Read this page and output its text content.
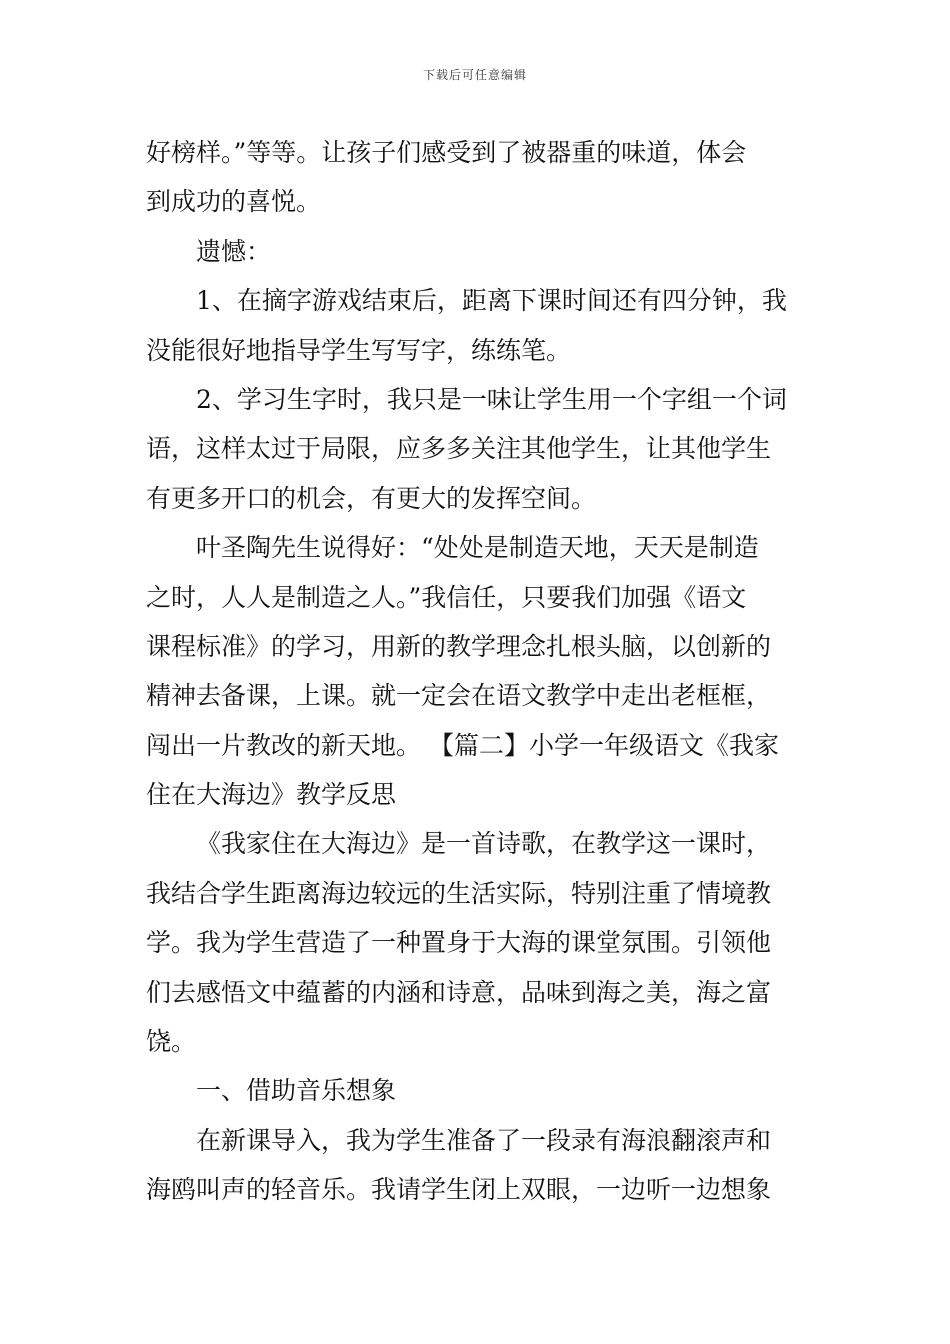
下载后可任意编辑
好榜样。”等等。让孩子们感受到了被器重的味道，体会
到成功的喜悦。
遗憾：
1、在摘字游戏结束后，距离下课时间还有四分钟，我
没能很好地指导学生写写字，练练笔。
2、学习生字时，我只是一味让学生用一个字组一个词
语，这样太过于局限，应多多关注其他学生，让其他学生
有更多开口的机会，有更大的发挥空间。
叶圣陶先生说得好：“处处是制造天地，天天是制造
之时，人人是制造之人。”我信任，只要我们加强《语文
课程标准》的学习，用新的教学理念扎根头脑，以创新的
精神去备课，上课。就一定会在语文教学中走出老框框，
闯出一片教改的新天地。 【篇二】小学一年级语文《我家
住在大海边》教学反思
《我家住在大海边》是一首诗歌，在教学这一课时，
我结合学生距离海边较远的生活实际，特别注重了情境教
学。我为学生营造了一种置身于大海的课堂氛围。引领他
们去感悟文中蕴蓄的内涵和诗意，品味到海之美，海之富
饶。
一、借助音乐想象
在新课导入，我为学生准备了一段录有海浪翻滚声和
海鸥叫声的轻音乐。我请学生闭上双眼，一边听一边想象
